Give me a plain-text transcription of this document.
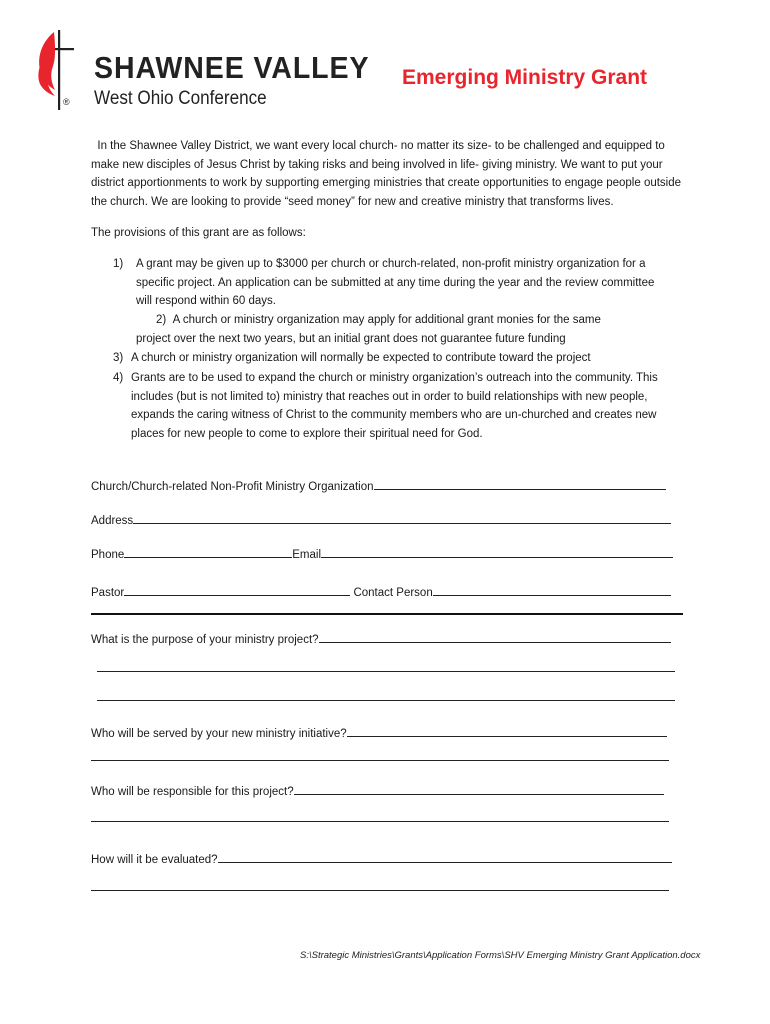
®
SHAWNEE VALLEY
West Ohio Conference
Emerging Ministry Grant
In the Shawnee Valley District, we want every local church- no matter its size- to be challenged and equipped to make new disciples of Jesus Christ by taking risks and being involved in life- giving ministry. We want to put your district apportionments to work by supporting emerging ministries that create opportunities to engage people outside the church. We are looking to provide “seed money” for new and creative ministry that transforms lives.
The provisions of this grant are as follows:
1) A grant may be given up to $3000 per church or church-related, non-profit ministry organization for a specific project. An application can be submitted at any time during the year and the review committee will respond within 60 days.
2) A church or ministry organization may apply for additional grant monies for the same project over the next two years, but an initial grant does not guarantee future funding
3) A church or ministry organization will normally be expected to contribute toward the project
4) Grants are to be used to expand the church or ministry organization’s outreach into the community. This includes (but is not limited to) ministry that reaches out in order to build relationships with new people, expands the caring witness of Christ to the community members who are un-churched and creates new places for new people to come to explore their spiritual need for God.
Church/Church-related Non-Profit Ministry Organization
Address
Phone	Email
Pastor	Contact Person
What is the purpose of your ministry project?
Who will be served by your new ministry initiative?
Who will be responsible for this project?
How will it be evaluated?
S:\Strategic Ministries\Grants\Application Forms\SHV Emerging Ministry Grant Application.docx
